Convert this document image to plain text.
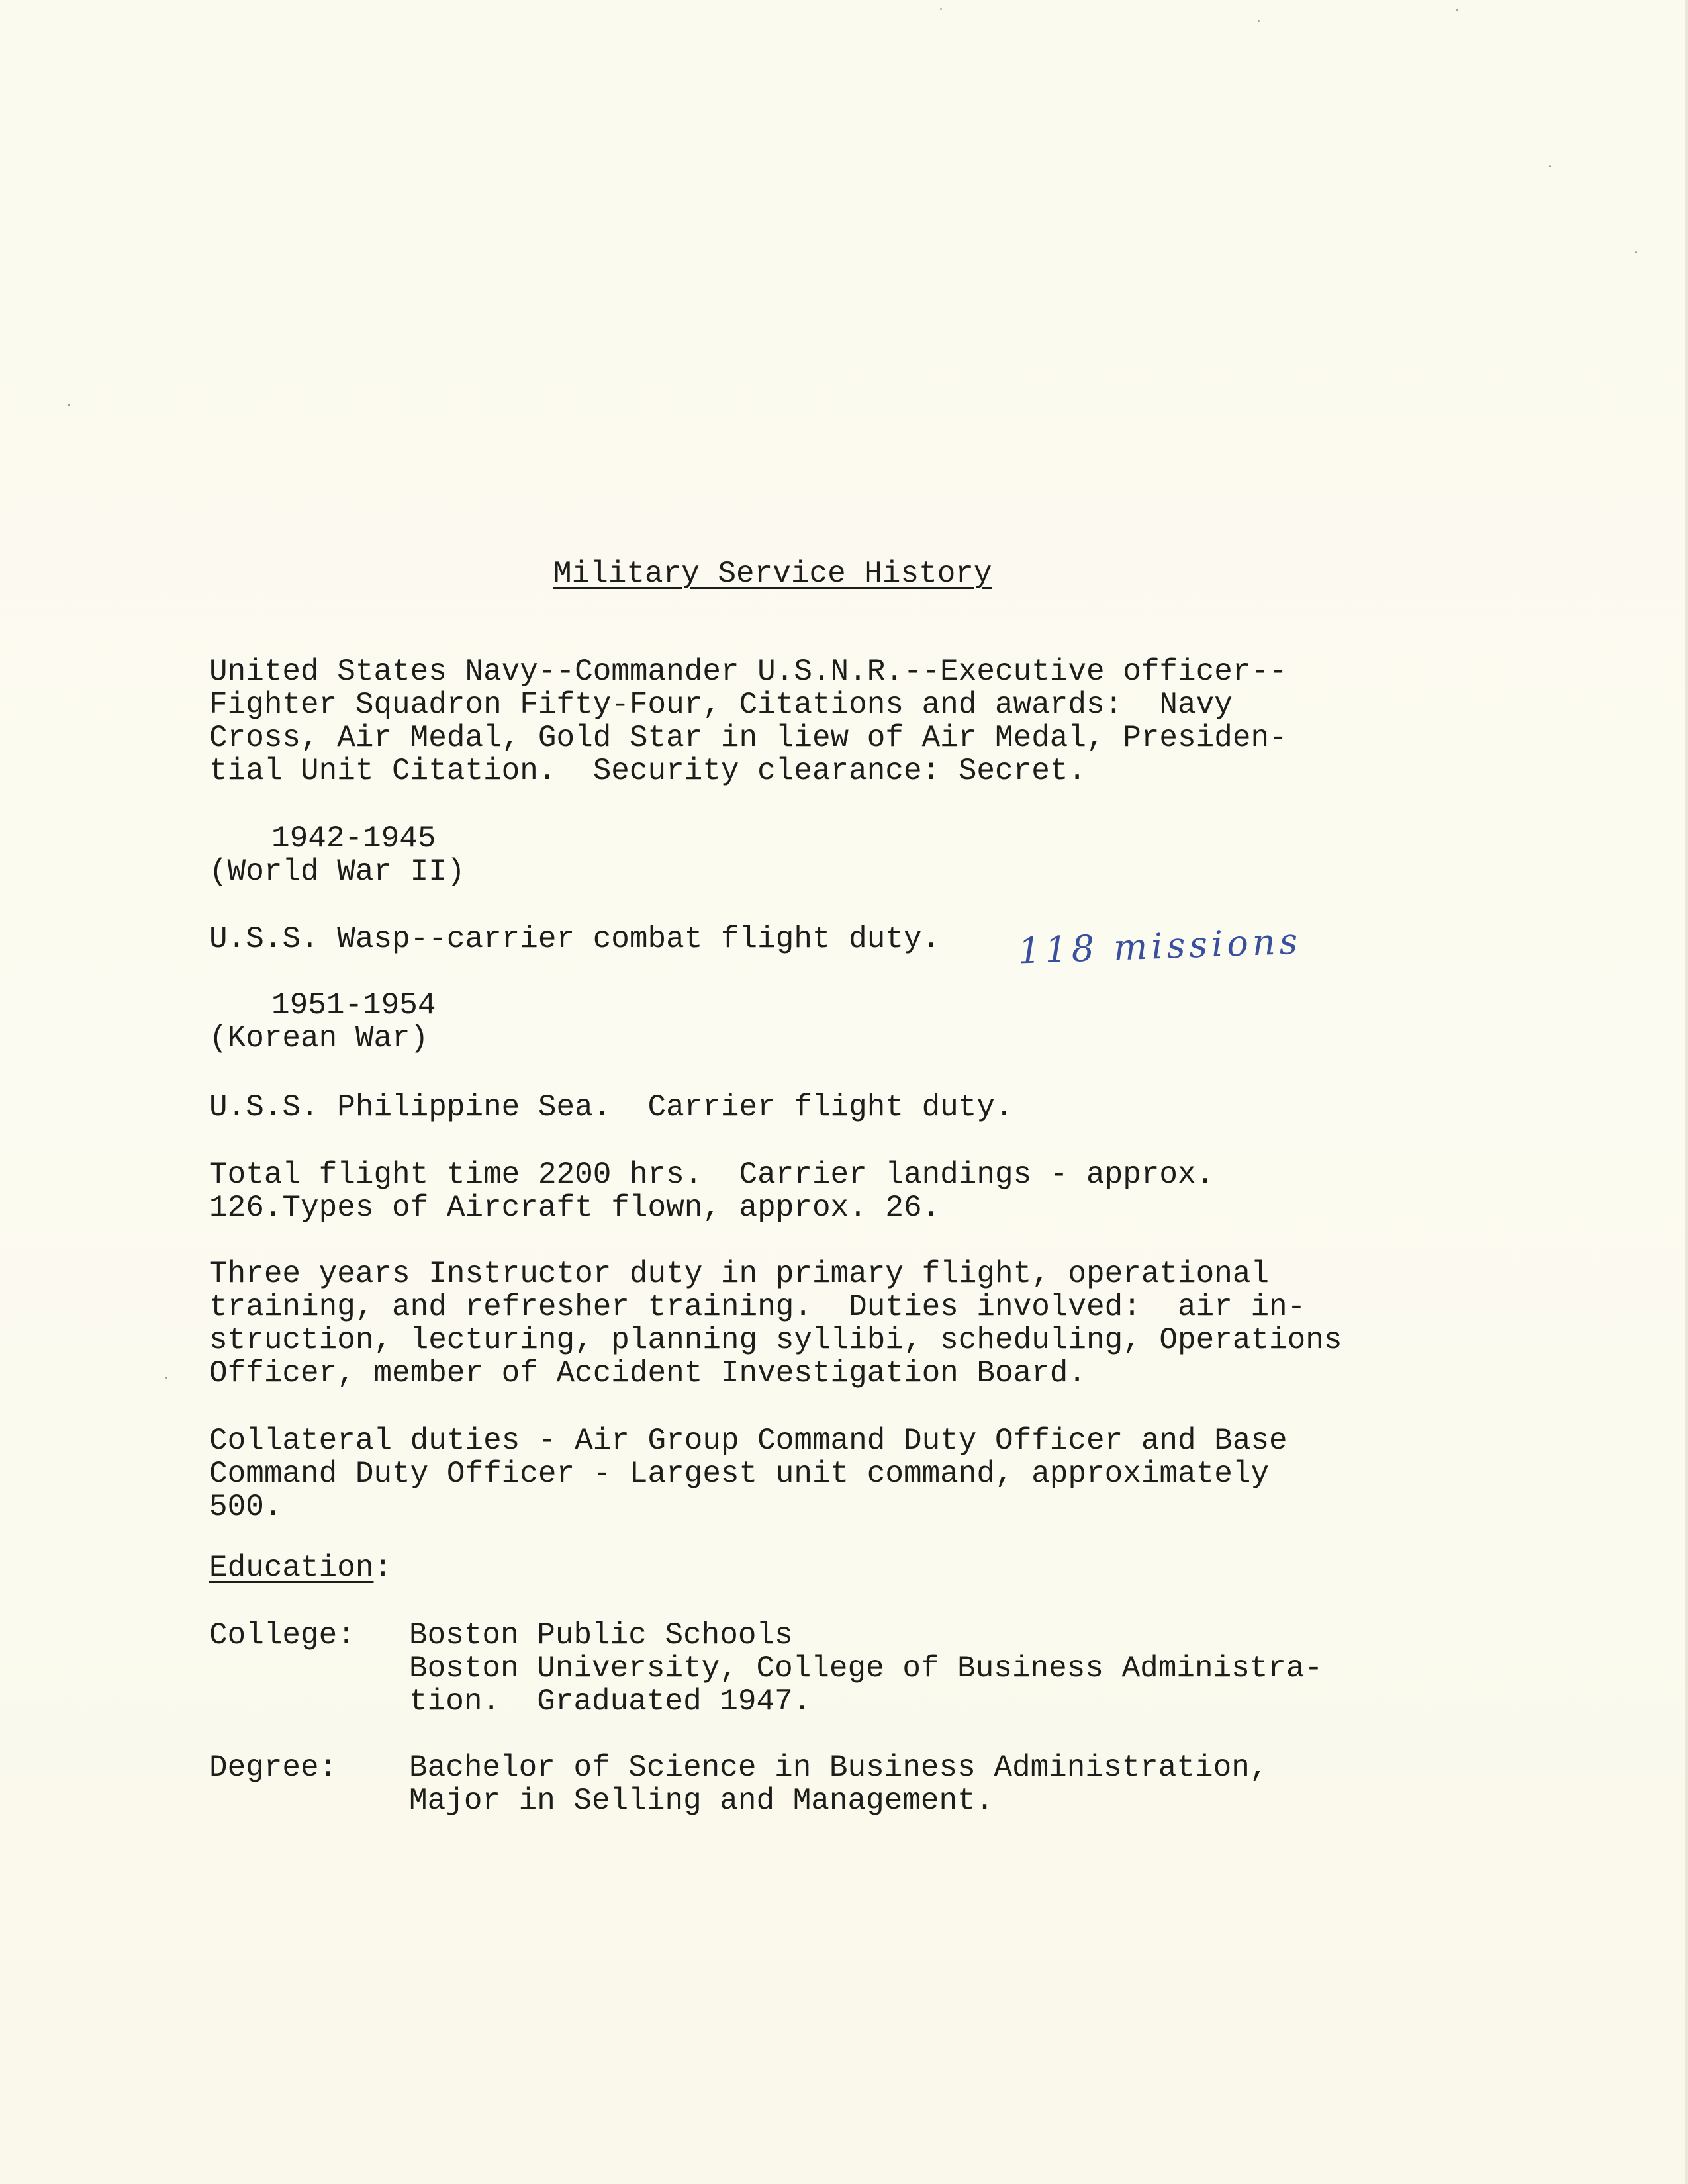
Military Service History

United States Navy--Commander U.S.N.R.--Executive officer--

Fighter Squadron Fifty-Four, Citations and awards:  Navy

Cross, Air Medal, Gold Star in liew of Air Medal, Presiden-

tial Unit Citation.  Security clearance: Secret.

1942-1945

(World War II)

U.S.S. Wasp--carrier combat flight duty. 118 missions

1951-1954

(Korean War)

U.S.S. Philippine Sea.  Carrier flight duty.

Total flight time 2200 hrs.  Carrier landings - approx.

126.Types of Aircraft flown, approx. 26.

Three years Instructor duty in primary flight, operational

training, and refresher training.  Duties involved:  air in-

struction, lecturing, planning syllibi, scheduling, Operations

Officer, member of Accident Investigation Board.

Collateral duties - Air Group Command Duty Officer and Base

Command Duty Officer - Largest unit command, approximately

500.

Education:

College: Boston Public Schools

Boston University, College of Business Administra-

tion.  Graduated 1947.

Degree: Bachelor of Science in Business Administration,

Major in Selling and Management.
